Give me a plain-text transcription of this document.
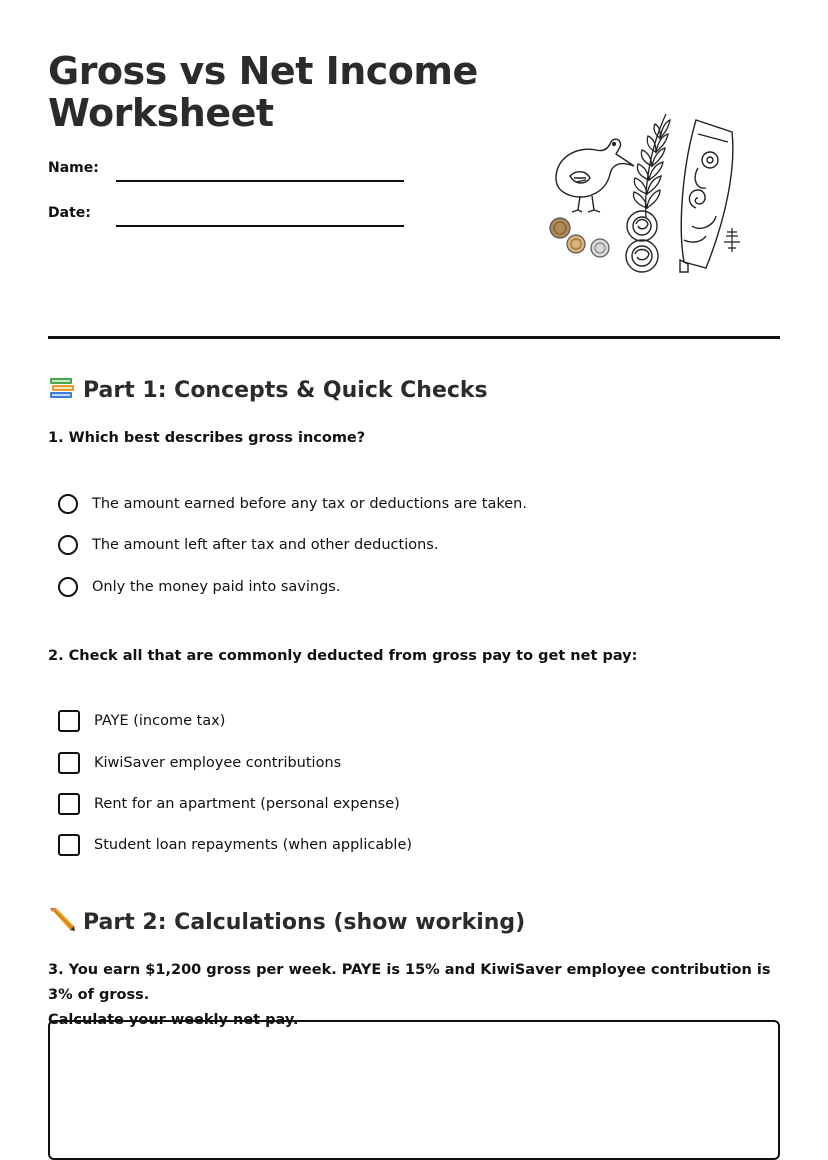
Gross vs Net Income
Worksheet
Name:
Date:
Part 1: Concepts & Quick Checks

1. Which best describes gross income?

The amount earned before any tax or deductions are taken.
The amount left after tax and other deductions.
Only the money paid into savings.

2. Check all that are commonly deducted from gross pay to get net pay:

PAYE (income tax)
KiwiSaver employee contributions
Rent for an apartment (personal expense)
Student loan repayments (when applicable)
Part 2: Calculations (show working)

3. You earn $1,200 gross per week. PAYE is 15% and KiwiSaver employee contribution is 3% of gross.
Calculate your weekly net pay.
